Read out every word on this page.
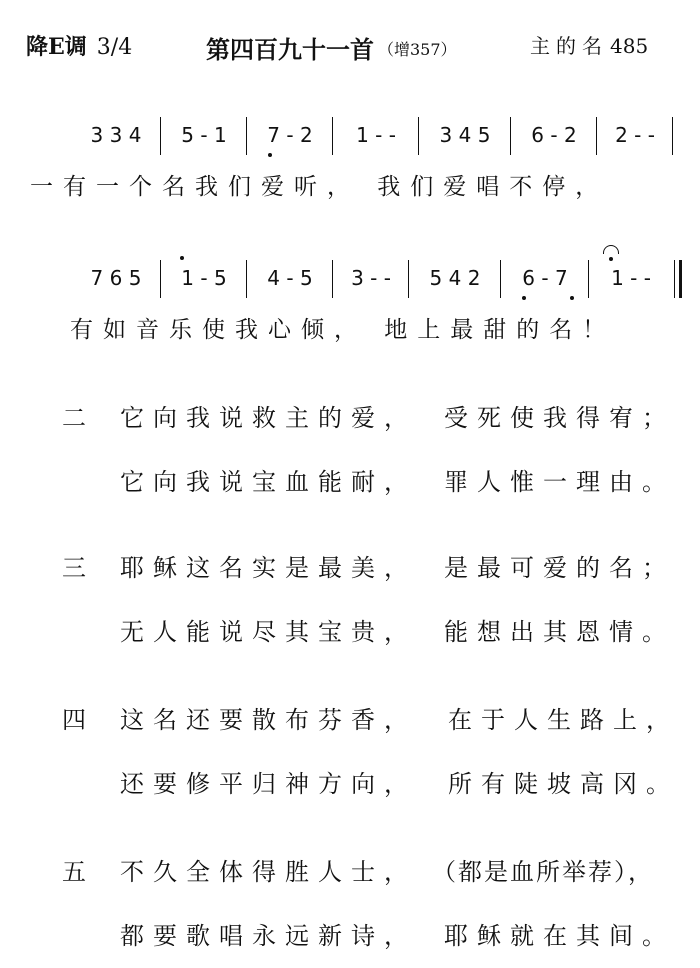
降E调 3/4	第四百九十一首 （增357）	主的名 485
3 3 4	5 - 1	7 - 2	1 - -	3 4 5	6 - 2	2 - -
一有一个名我们爱听， 我们爱唱不停，
7 6 5	1 - 5	4 - 5	3 - -	5 4 2	6 - 7	1 - -
有如音乐使我心倾， 地上最甜的名！
二 它向我说救主的爱， 受死使我得宥；
它向我说宝血能耐， 罪人惟一理由。
三 耶稣这名实是最美， 是最可爱的名；
无人能说尽其宝贵， 能想出其恩情。
四 这名还要散布芬香， 在于人生路上，
还要修平归神方向， 所有陡坡高冈。
五 不久全体得胜人士， （都是血所举荐），
都要歌唱永远新诗， 耶稣就在其间。
